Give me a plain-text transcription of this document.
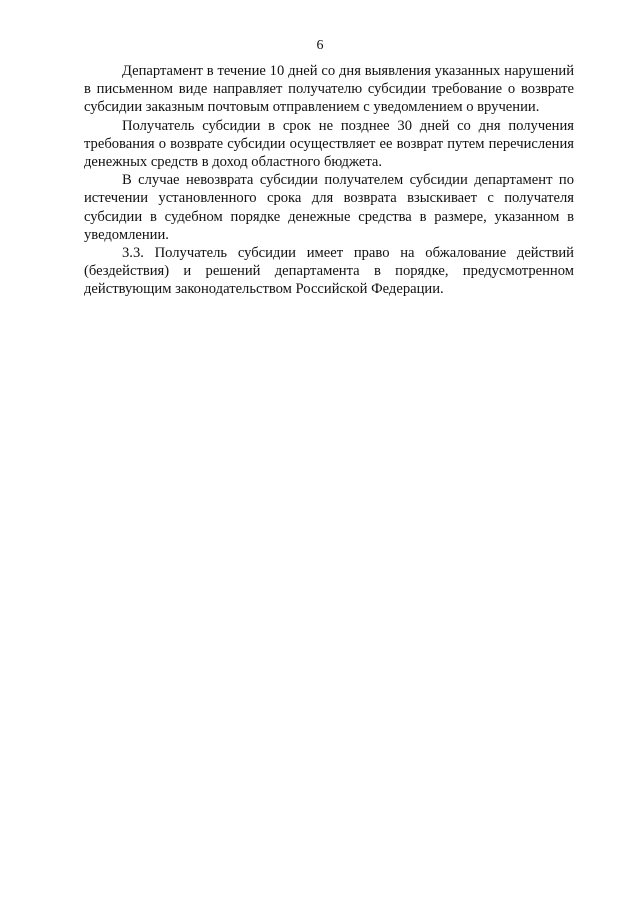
6

Департамент в течение 10 дней со дня выявления указанных нарушений в письменном виде направляет получателю субсидии требование о возврате субсидии заказным почтовым отправлением с уведомлением о вручении.

Получатель субсидии в срок не позднее 30 дней со дня получения требования о возврате субсидии осуществляет ее возврат путем перечисления денежных средств в доход областного бюджета.

В случае невозврата субсидии получателем субсидии департамент по истечении установленного срока для возврата взыскивает с получателя субсидии в судебном порядке денежные средства в размере, указанном в уведомлении.

3.3. Получатель субсидии имеет право на обжалование действий (бездействия) и решений департамента в порядке, предусмотренном действующим законодательством Российской Федерации.
